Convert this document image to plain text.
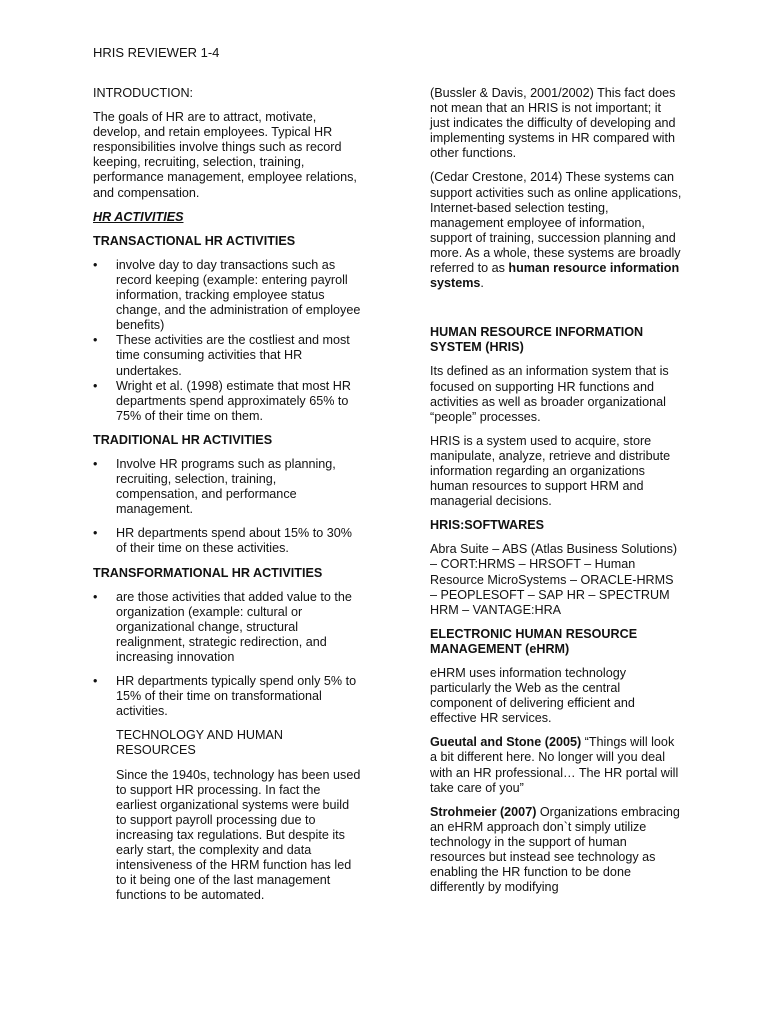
HRIS REVIEWER 1-4

INTRODUCTION:

The goals of HR are to attract, motivate, develop, and retain employees. Typical HR responsibilities involve things such as record keeping, recruiting, selection, training, performance management, employee relations, and compensation.

HR ACTIVITIES

TRANSACTIONAL HR ACTIVITIES

• involve day to day transactions such as record keeping (example: entering payroll information, tracking employee status change, and the administration of employee benefits)
• These activities are the costliest and most time consuming activities that HR undertakes.
• Wright et al. (1998) estimate that most HR departments spend approximately 65% to 75% of their time on them.

TRADITIONAL HR ACTIVITIES

• Involve HR programs such as planning, recruiting, selection, training, compensation, and performance management.
• HR departments spend about 15% to 30% of their time on these activities.

TRANSFORMATIONAL HR ACTIVITIES

• are those activities that added value to the organization (example: cultural or organizational change, structural realignment, strategic redirection, and increasing innovation
• HR departments typically spend only 5% to 15% of their time on transformational activities.

TECHNOLOGY AND HUMAN RESOURCES

Since the 1940s, technology has been used to support HR processing. In fact the earliest organizational systems were build to support payroll processing due to increasing tax regulations. But despite its early start, the complexity and data intensiveness of the HRM function has led to it being one of the last management functions to be automated.

(Bussler & Davis, 2001/2002) This fact does not mean that an HRIS is not important; it just indicates the difficulty of developing and implementing systems in HR compared with other functions.

(Cedar Crestone, 2014) These systems can support activities such as online applications, Internet-based selection testing, management employee of information, support of training, succession planning and more. As a whole, these systems are broadly referred to as human resource information systems.

HUMAN RESOURCE INFORMATION SYSTEM (HRIS)

Its defined as an information system that is focused on supporting HR functions and activities as well as broader organizational “people” processes.

HRIS is a system used to acquire, store manipulate, analyze, retrieve and distribute information regarding an organizations human resources to support HRM and managerial decisions.

HRIS:SOFTWARES

Abra Suite – ABS (Atlas Business Solutions) – CORT:HRMS – HRSOFT – Human Resource MicroSystems – ORACLE-HRMS – PEOPLESOFT – SAP HR – SPECTRUM HRM – VANTAGE:HRA

ELECTRONIC HUMAN RESOURCE MANAGEMENT (eHRM)

eHRM uses information technology particularly the Web as the central component of delivering efficient and effective HR services.

Gueutal and Stone (2005) “Things will look a bit different here. No longer will you deal with an HR professional… The HR portal will take care of you”

Strohmeier (2007) Organizations embracing an eHRM approach don`t simply utilize technology in the support of human resources but instead see technology as enabling the HR function to be done differently by modifying
